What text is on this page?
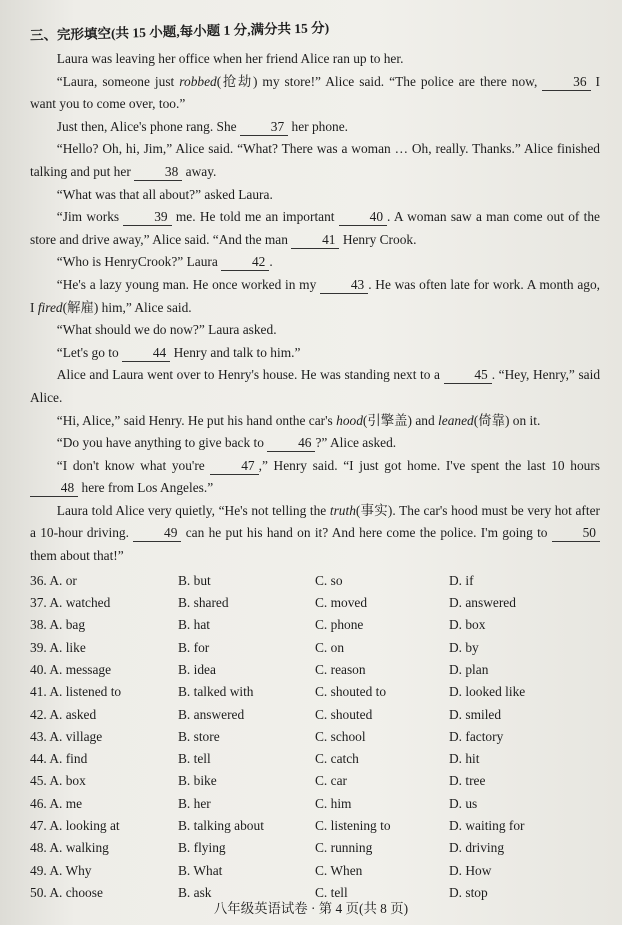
三、完形填空(共 15 小题,每小题 1 分,满分共 15 分)

Laura was leaving her office when her friend Alice ran up to her.

“Laura, someone just robbed(抢劫) my store!” Alice said. “The police are there now, 36 I want you to come over, too.”

Just then, Alice's phone rang. She 37 her phone.

“Hello? Oh, hi, Jim,” Alice said. “What? There was a woman … Oh, really. Thanks.” Alice finished talking and put her 38 away.

“What was that all about?” asked Laura.

“Jim works 39 me. He told me an important 40 . A woman saw a man come out of the store and drive away,” Alice said. “And the man 41 Henry Crook.

“Who is HenryCrook?” Laura 42 .

“He's a lazy young man. He once worked in my 43 . He was often late for work. A month ago, I fired(解雇) him,” Alice said.

“What should we do now?” Laura asked.

“Let's go to 44 Henry and talk to him.”

Alice and Laura went over to Henry's house. He was standing next to a 45 . “Hey, Henry,” said Alice.

“Hi, Alice,” said Henry. He put his hand onthe car's hood(引擎盖) and leaned(倚靠) on it.

“Do you have anything to give back to 46 ?” Alice asked.

“I don't know what you're 47 ,” Henry said. “I just got home. I've spent the last 10 hours 48 here from Los Angeles.”

Laura told Alice very quietly, “He's not telling the truth(事实). The car's hood must be very hot after a 10-hour driving. 49 can he put his hand on it? And here come the police. I'm going to 50 them about that!”

36. A. or	B. but	C. so	D. if
37. A. watched	B. shared	C. moved	D. answered
38. A. bag	B. hat	C. phone	D. box
39. A. like	B. for	C. on	D. by
40. A. message	B. idea	C. reason	D. plan
41. A. listened to	B. talked with	C. shouted to	D. looked like
42. A. asked	B. answered	C. shouted	D. smiled
43. A. village	B. store	C. school	D. factory
44. A. find	B. tell	C. catch	D. hit
45. A. box	B. bike	C. car	D. tree
46. A. me	B. her	C. him	D. us
47. A. looking at	B. talking about	C. listening to	D. waiting for
48. A. walking	B. flying	C. running	D. driving
49. A. Why	B. What	C. When	D. How
50. A. choose	B. ask	C. tell	D. stop
八年级英语试卷 · 第 4 页(共 8 页)
